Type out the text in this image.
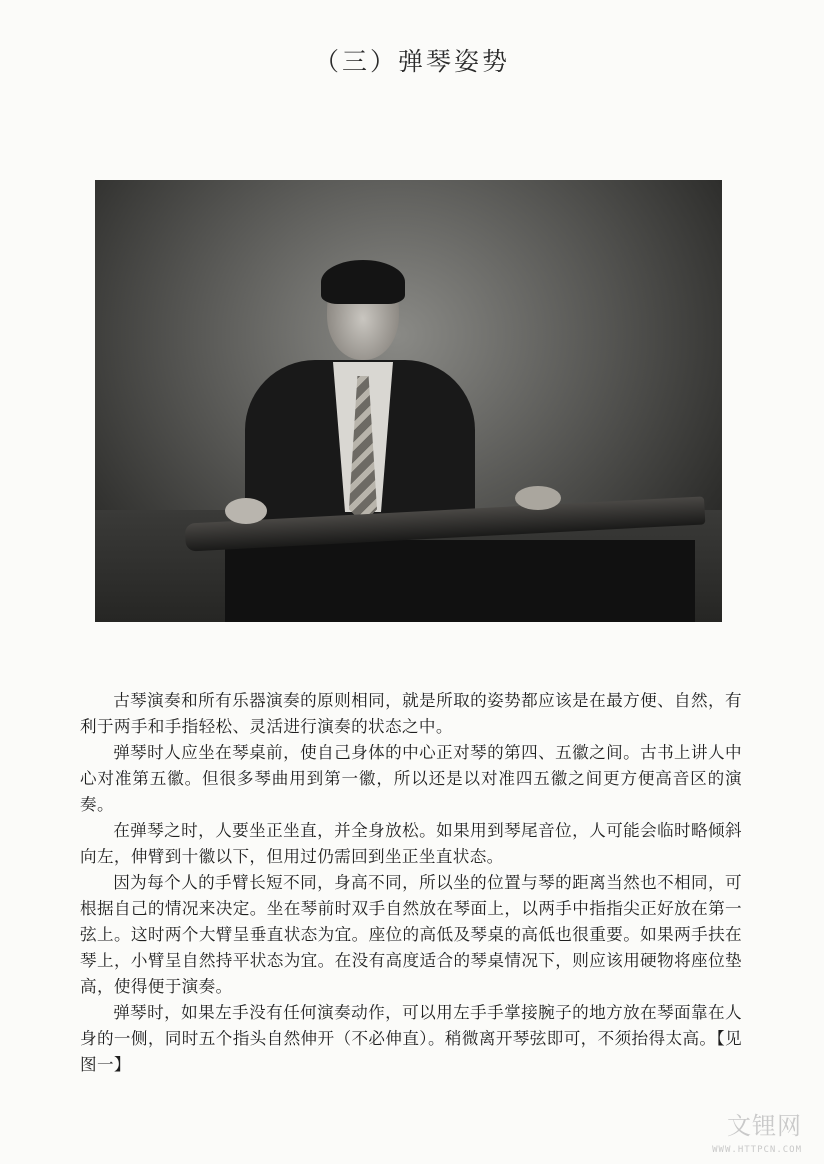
（三）弹琴姿势

古琴演奏和所有乐器演奏的原则相同，就是所取的姿势都应该是在最方便、自然，有利于两手和手指轻松、灵活进行演奏的状态之中。

弹琴时人应坐在琴桌前，使自己身体的中心正对琴的第四、五徽之间。古书上讲人中心对准第五徽。但很多琴曲用到第一徽，所以还是以对准四五徽之间更方便高音区的演奏。

在弹琴之时，人要坐正坐直，并全身放松。如果用到琴尾音位，人可能会临时略倾斜向左，伸臂到十徽以下，但用过仍需回到坐正坐直状态。

因为每个人的手臂长短不同，身高不同，所以坐的位置与琴的距离当然也不相同，可根据自己的情况来决定。坐在琴前时双手自然放在琴面上，以两手中指指尖正好放在第一弦上。这时两个大臂呈垂直状态为宜。座位的高低及琴桌的高低也很重要。如果两手扶在琴上，小臂呈自然持平状态为宜。在没有高度适合的琴桌情况下，则应该用硬物将座位垫高，使得便于演奏。

弹琴时，如果左手没有任何演奏动作，可以用左手手掌接腕子的地方放在琴面靠在人身的一侧，同时五个指头自然伸开（不必伸直）。稍微离开琴弦即可，不须抬得太高。【见图一】

文锂网
WWW.HTTPCN.COM
